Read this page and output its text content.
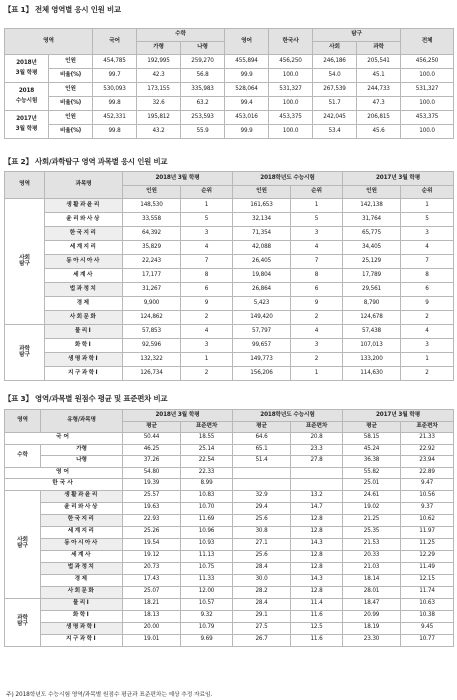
【표 1】 전체 영역별 응시 인원 비교
영역		국어	수학		영어	한국사	탐구		전체
			가형	나형			사회	과학	

2018년
3월 학평	인원	454,785	192,995	259,270	455,894	456,250	246,186	205,541	456,250
	비율(%)	99.7	42.3	56.8	99.9	100.0	54.0	45.1	100.0

2018
수능시험	인원	530,093	173,155	335,983	528,064	531,327	267,539	244,733	531,327
	비율(%)	99.8	32.6	63.2	99.4	100.0	51.7	47.3	100.0

2017년
3월 학평	인원	452,331	195,812	253,593	453,016	453,375	242,045	206,815	453,375
	비율(%)	99.8	43.2	55.9	99.9	100.0	53.4	45.6	100.0
【표 2】 사회/과학탐구 영역 과목별 응시 인원 비교
영역	과목명	2018년 3월 학평		2018학년도 수능시험		2017년 3월 학평	
		인원	순위	인원	순위	인원	순위

사회
탐구	생활과윤리	148,530	1	161,653	1	142,138	1
	윤리와사상	33,558	5	32,134	5	31,764	5
	한국지리	64,392	3	71,354	3	65,775	3
	세계지리	35,829	4	42,088	4	34,405	4
	동아시아사	22,243	7	26,405	7	25,129	7
	세계사	17,177	8	19,804	8	17,789	8
	법과정치	31,267	6	26,864	6	29,561	6
	경제	9,900	9	5,423	9	8,790	9
	사회문화	124,862	2	149,420	2	124,678	2

과학
탐구	물리Ⅰ	57,853	4	57,797	4	57,438	4
	화학Ⅰ	92,596	3	99,657	3	107,013	3
	생명과학Ⅰ	132,322	1	149,773	2	133,200	1
	지구과학Ⅰ	126,734	2	156,206	1	114,630	2
【표 3】 영역/과목별 원점수 평균 및 표준편차 비교
영역	유형/과목명	2018년 3월 학평		2018학년도 수능시험		2017년 3월 학평	
		평균	표준편차	평균	표준편차	평균	표준편차
국어		50.44	18.55	64.6	20.8	58.15	21.33
수학	가형	46.25	25.14	65.1	23.3	45.24	22.92
	나형	37.26	22.54	51.4	27.8	36.38	23.94
영어		54.80	22.33			55.82	22.89
한국사		19.39	8.99			25.01	9.47

사회
탐구	생활과윤리	25.57	10.83	32.9	13.2	24.61	10.56
	윤리와사상	19.63	10.70	29.4	14.7	19.02	9.37
	한국지리	22.93	11.69	25.6	12.8	21.25	10.62
	세계지리	25.26	10.96	30.8	12.8	25.35	11.97
	동아시아사	19.54	10.93	27.1	14.3	21.53	11.25
	세계사	19.12	11.13	25.6	12.8	20.33	12.29
	법과정치	20.73	10.75	28.4	12.8	21.03	11.49
	경제	17.43	11.33	30.0	14.3	18.14	12.15
	사회문화	25.07	12.00	28.2	12.8	28.01	11.74

과학
탐구	물리Ⅰ	18.21	10.57	28.4	11.4	18.47	10.63
	화학Ⅰ	18.13	9.32	29.1	11.6	20.99	10.38
	생명과학Ⅰ	20.00	10.79	27.5	12.5	18.19	9.45
	지구과학Ⅰ	19.01	9.69	26.7	11.6	23.30	10.77
주) 2018학년도 수능시험 영역/과목별 원점수 평균과 표준편차는 예상 추정 자료임.
